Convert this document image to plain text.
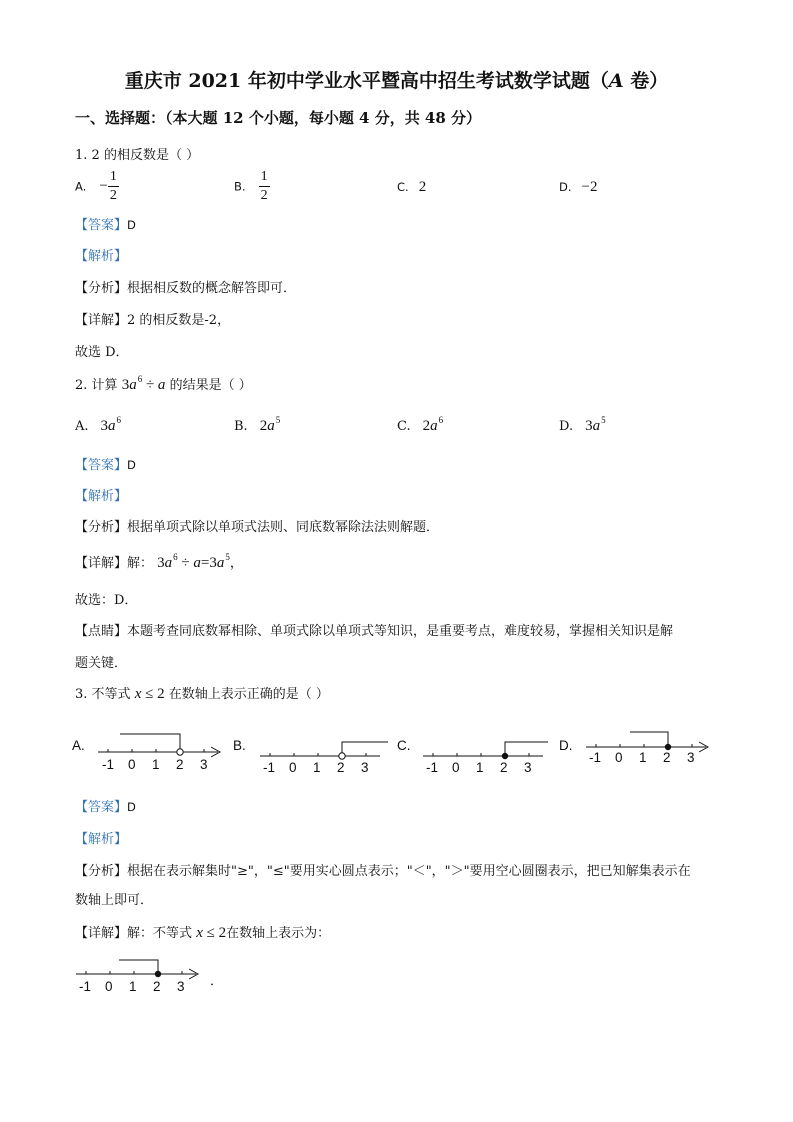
重庆市 2021 年初中学业水平暨高中招生考试数学试题（A 卷）
一、选择题：（本大题 12 个小题，每小题 4 分，共 48 分）
1. 2 的相反数是（ ）
A. − $\frac{1}{2}$	B. $\frac{1}{2}$	C. 2	D. −2
【答案】D
【解析】
【分析】根据相反数的概念解答即可．
【详解】2 的相反数是-2，
故选 D．
2. 计算 $3a^6 \div a$ 的结果是（ ）
A. $3a^6$	B. $2a^5$	C. $2a^6$	D. $3a^5$
【答案】D
【解析】
【分析】根据单项式除以单项式法则、同底数幂除法法则解题．
【详解】解： $3a^6 \div a=3a^5$，
故选：D．
【点睛】本题考查同底数幂相除、单项式除以单项式等知识，是重要考点，难度较易，掌握相关知识是解
题关键．
3. 不等式 x ≤ 2 在数轴上表示正确的是（ ）
A.
-1 0 1 2 3
B.
-1 0 1 2 3
C.
-1 0 1 2 3
D.
-1 0 1 2 3
【答案】D
【解析】
【分析】根据在表示解集时"≥"，"≤"要用实心圆点表示；"＜"，"＞"要用空心圆圈表示，把已知解集表示在
数轴上即可．
【详解】解：不等式 x ≤ 2在数轴上表示为：
-1 0 1 2 3 ．
